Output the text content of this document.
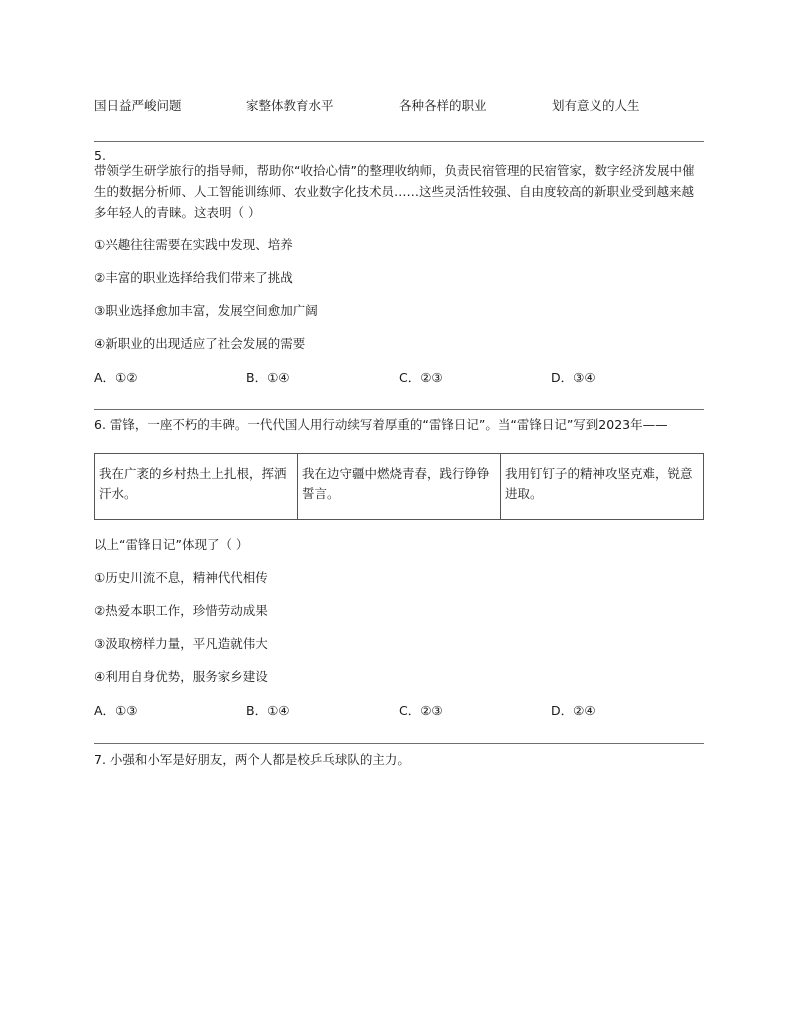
国日益严峻问题	家整体教育水平	各种各样的职业	划有意义的人生
5.
带领学生研学旅行的指导师，帮助你“收拾心情”的整理收纳师，负责民宿管理的民宿管家，数字经济发展中催生的数据分析师、人工智能训练师、农业数字化技术员……这些灵活性较强、自由度较高的新职业受到越来越多年轻人的青睐。这表明（ ）
①兴趣往往需要在实践中发现、培养
②丰富的职业选择给我们带来了挑战
③职业选择愈加丰富，发展空间愈加广阔
④新职业的出现适应了社会发展的需要
A．①②	B．①④	C．②③	D．③④
6. 雷锋，一座不朽的丰碑。一代代国人用行动续写着厚重的“雷锋日记”。当“雷锋日记”写到2023年——
我在广袤的乡村热土上扎根，挥洒汗水。	我在边守疆中燃烧青春，践行铮铮誓言。	我用钉钉子的精神攻坚克难，锐意进取。
以上“雷锋日记”体现了（ ）
①历史川流不息，精神代代相传
②热爱本职工作，珍惜劳动成果
③汲取榜样力量，平凡造就伟大
④利用自身优势，服务家乡建设
A．①③	B．①④	C．②③	D．②④
7. 小强和小军是好朋友，两个人都是校乒乓球队的主力。
